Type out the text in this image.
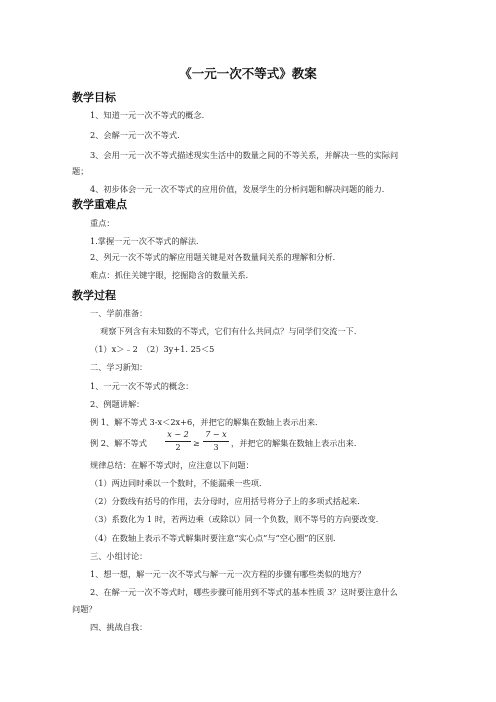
《一元一次不等式》教案
教学目标
1、知道一元一次不等式的概念．
2、会解一元一次不等式．
3、会用一元一次不等式描述现实生活中的数量之间的不等关系，并解决一些的实际问
题；
4、初步体会一元一次不等式的应用价值，发展学生的分析问题和解决问题的能力．
教学重难点
重点：
1.掌握一元一次不等式的解法．
2、列元一次不等式的解应用题关键是对各数量间关系的理解和分析．
难点：抓住关键字眼，挖掘隐含的数量关系．
教学过程
一、学前准备：
观察下列含有未知数的不等式，它们有什么共同点？与同学们交流一下．
（1）x＞﹣2　（2）3y+1. 25＜5
二、学习新知：
1、一元一次不等式的概念：
2、例题讲解：
例 1、解不等式 3-x＜2x+6，并把它的解集在数轴上表示出来．
例 2、解不等式
x − 2
2	≥
7 − x
3	，并把它的解集在数轴上表示出来．
规律总结：在解不等式时，应注意以下问题：
（1）两边同时乘以一个数时，不能漏乘一些项．
（2）分数线有括号的作用，去分母时，应用括号将分子上的多项式括起来．
（3）系数化为 1 时，若两边乘（或除以）同一个负数，则不等号的方向要改变．
（4）在数轴上表示不等式解集时要注意“实心点”与“空心圈”的区别．
三、小组讨论：
1、想一想，解一元一次不等式与解一元一次方程的步骤有哪些类似的地方？
2、在解一元一次不等式时，哪些步骤可能用到不等式的基本性质 3？这时要注意什么
问题？
四、挑战自我：
